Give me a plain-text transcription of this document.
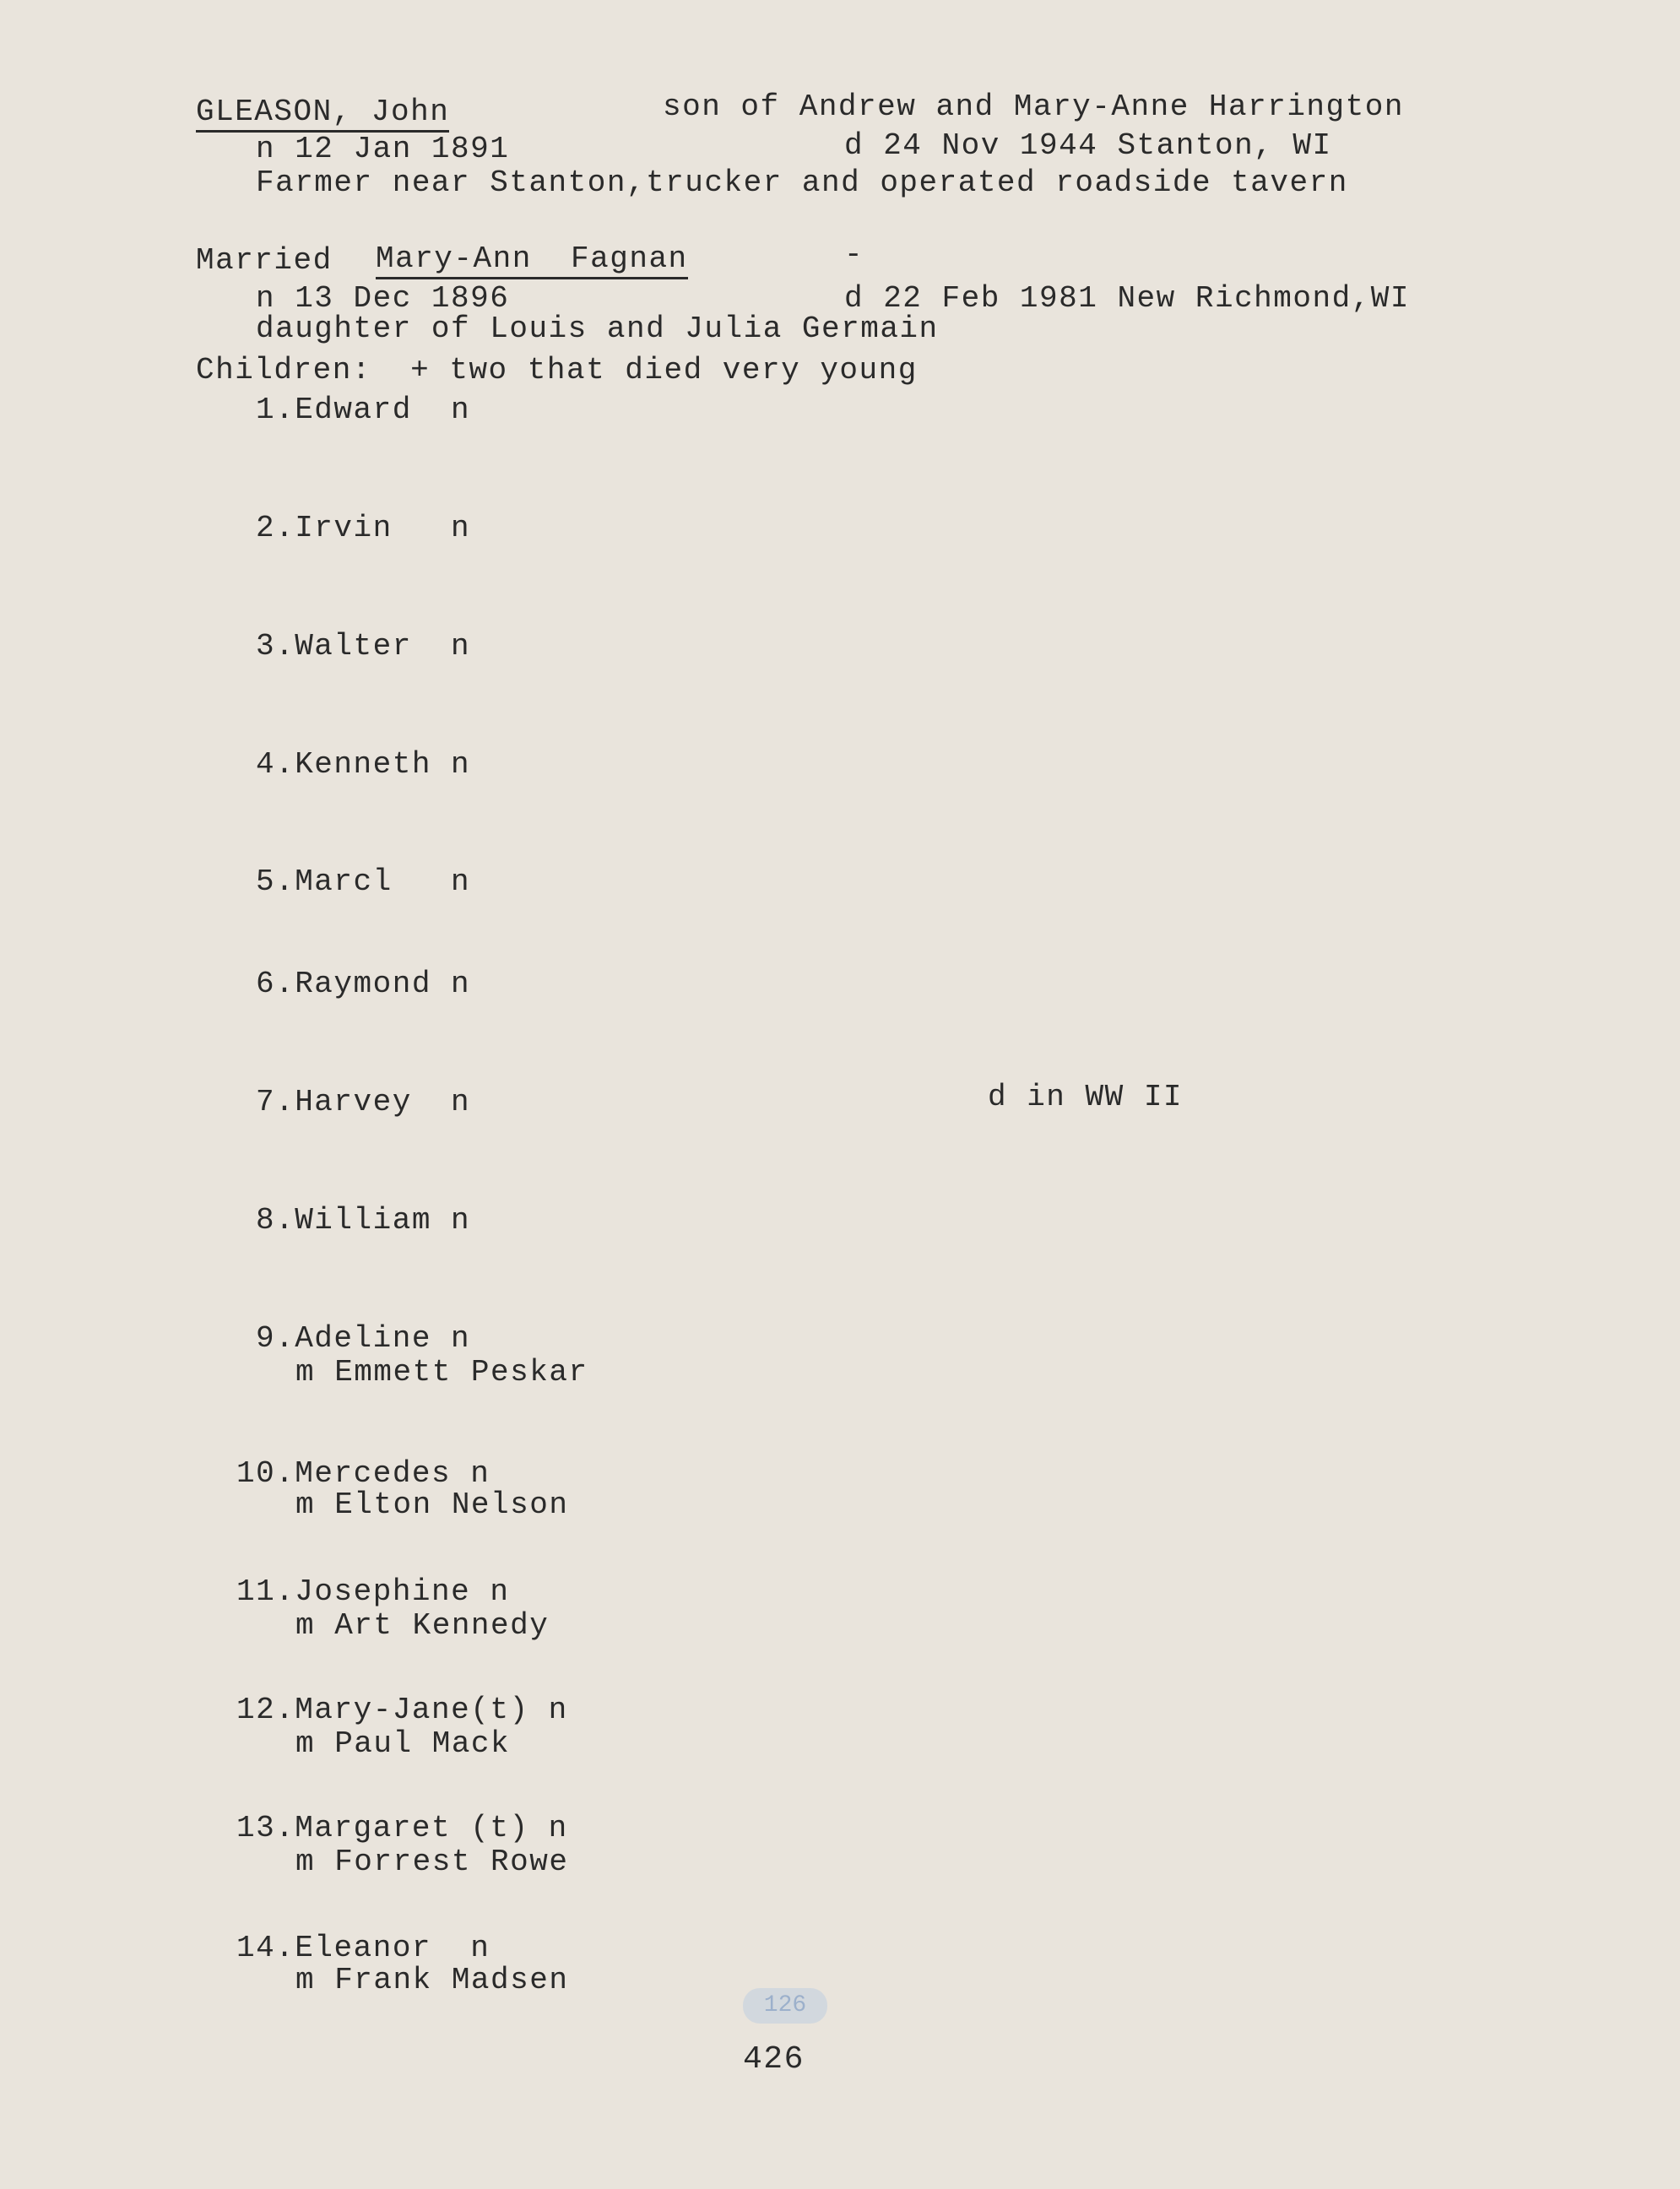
GLEASON, John	son of Andrew and Mary-Anne Harrington
n 12 Jan 1891	d 24 Nov 1944 Stanton, WI
Farmer near Stanton,trucker and operated roadside tavern
Married Mary-Ann  Fagnan	-
n 13 Dec 1896	d 22 Feb 1981 New Richmond,WI
daughter of Louis and Julia Germain
Children:  + two that died very young
1.Edward  n
2.Irvin   n
3.Walter  n
4.Kenneth n
5.Marcl   n
6.Raymond n
7.Harvey  n	d in WW II
8.William n
9.Adeline n
m Emmett Peskar
10.Mercedes n
m Elton Nelson
11.Josephine n
m Art Kennedy
12.Mary-Jane(t) n
m Paul Mack
13.Margaret (t) n
m Forrest Rowe
14.Eleanor  n
m Frank Madsen
126
426
